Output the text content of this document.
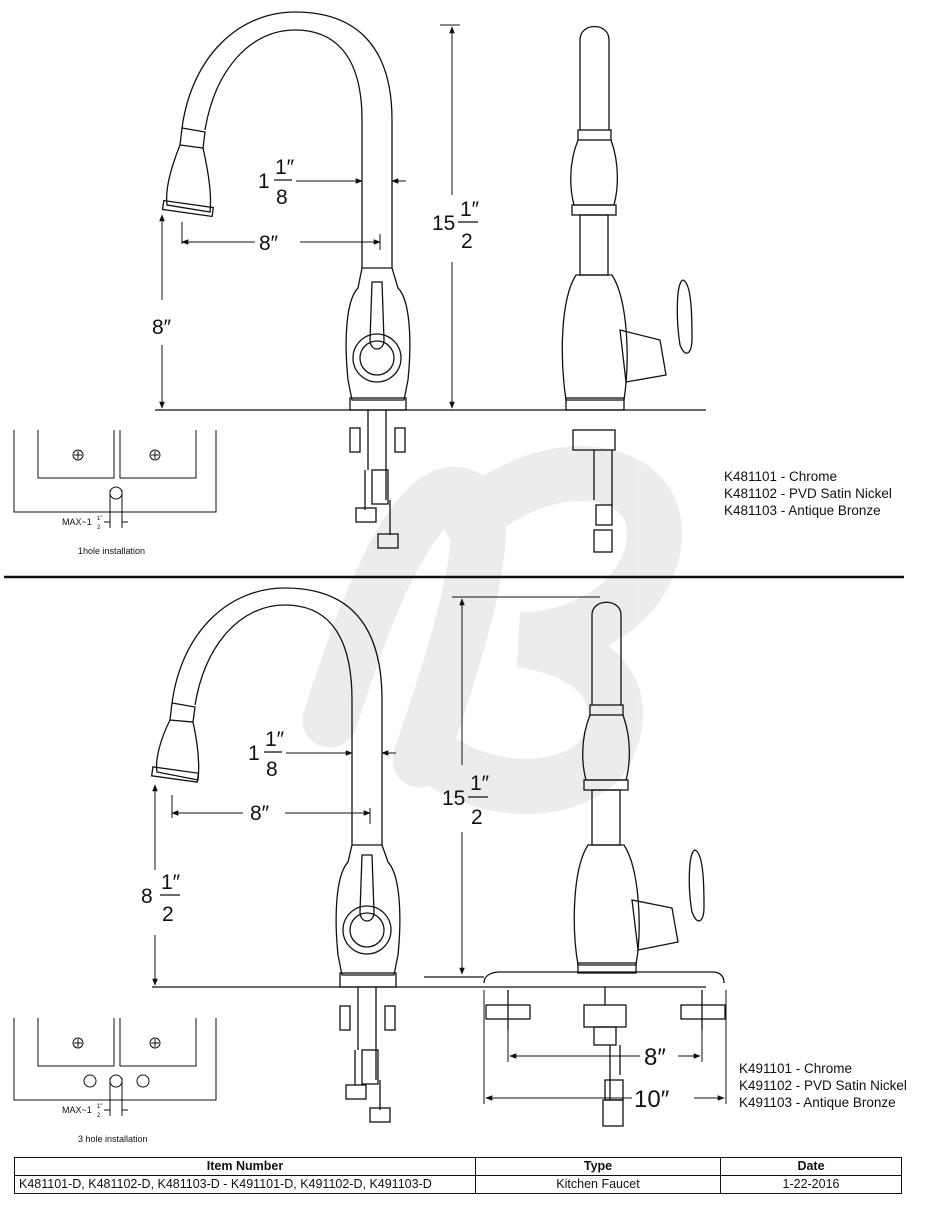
1
1″
8
8″
8″
15
1″
2
MAX~1 1″
2
1hole installation
1
1″
8
8″
8
1″
2
15
1″
2
8″
10″
MAX~1 1″
2
3 hole installation
K481101 - Chrome
K481102 - PVD Satin Nickel
K481103 - Antique Bronze
K491101 - Chrome
K491102 - PVD Satin Nickel
K491103 - Antique Bronze
Item Number	Type	Date
K481101-D, K481102-D, K481103-D - K491101-D, K491102-D, K491103-D	Kitchen Faucet	1-22-2016
